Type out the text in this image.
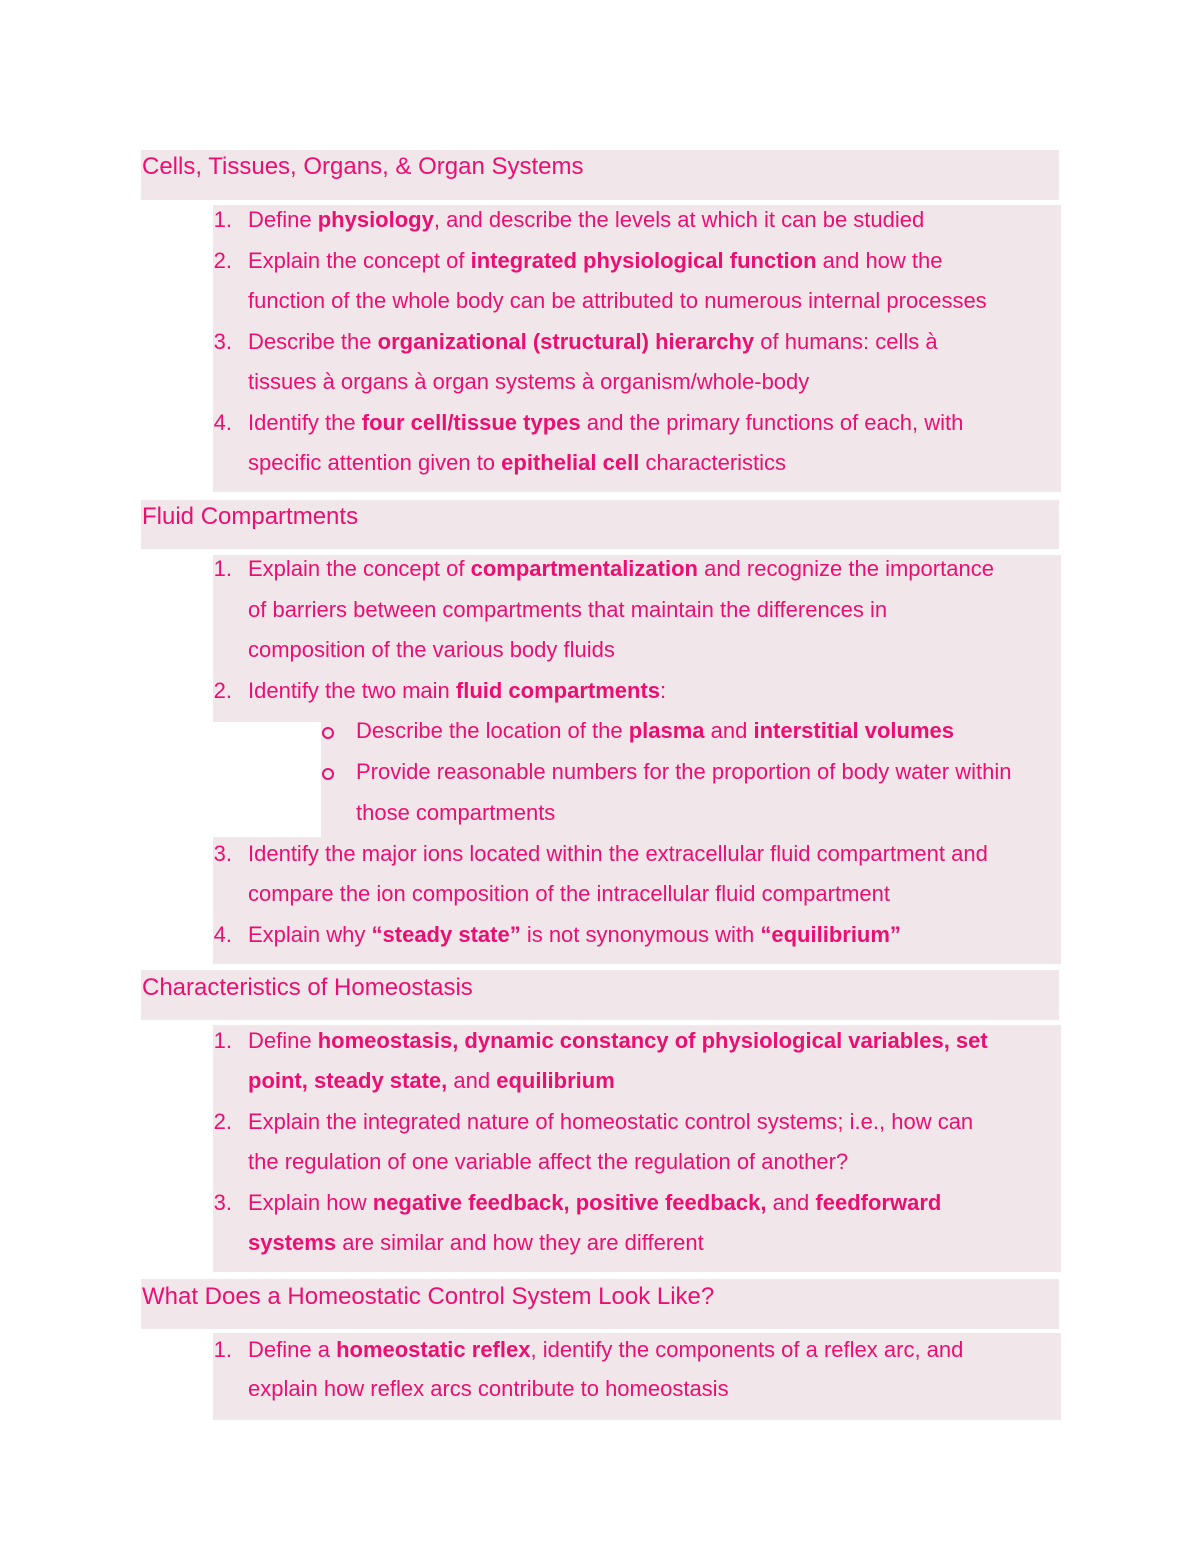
Cells, Tissues, Organs, & Organ Systems
1. Define physiology, and describe the levels at which it can be studied
2. Explain the concept of integrated physiological function and how the
function of the whole body can be attributed to numerous internal processes
3. Describe the organizational (structural) hierarchy of humans: cells à
tissues à organs à organ systems à organism/whole-body
4. Identify the four cell/tissue types and the primary functions of each, with
specific attention given to epithelial cell characteristics
Fluid Compartments
1. Explain the concept of compartmentalization and recognize the importance
of barriers between compartments that maintain the differences in
composition of the various body fluids
2. Identify the two main fluid compartments:
Describe the location of the plasma and interstitial volumes
Provide reasonable numbers for the proportion of body water within
those compartments
3. Identify the major ions located within the extracellular fluid compartment and
compare the ion composition of the intracellular fluid compartment
4. Explain why “steady state” is not synonymous with “equilibrium”
Characteristics of Homeostasis
1. Define homeostasis, dynamic constancy of physiological variables, set
point, steady state, and equilibrium
2. Explain the integrated nature of homeostatic control systems; i.e., how can
the regulation of one variable affect the regulation of another?
3. Explain how negative feedback, positive feedback, and feedforward
systems are similar and how they are different
What Does a Homeostatic Control System Look Like?
1. Define a homeostatic reflex, identify the components of a reflex arc, and
explain how reflex arcs contribute to homeostasis
